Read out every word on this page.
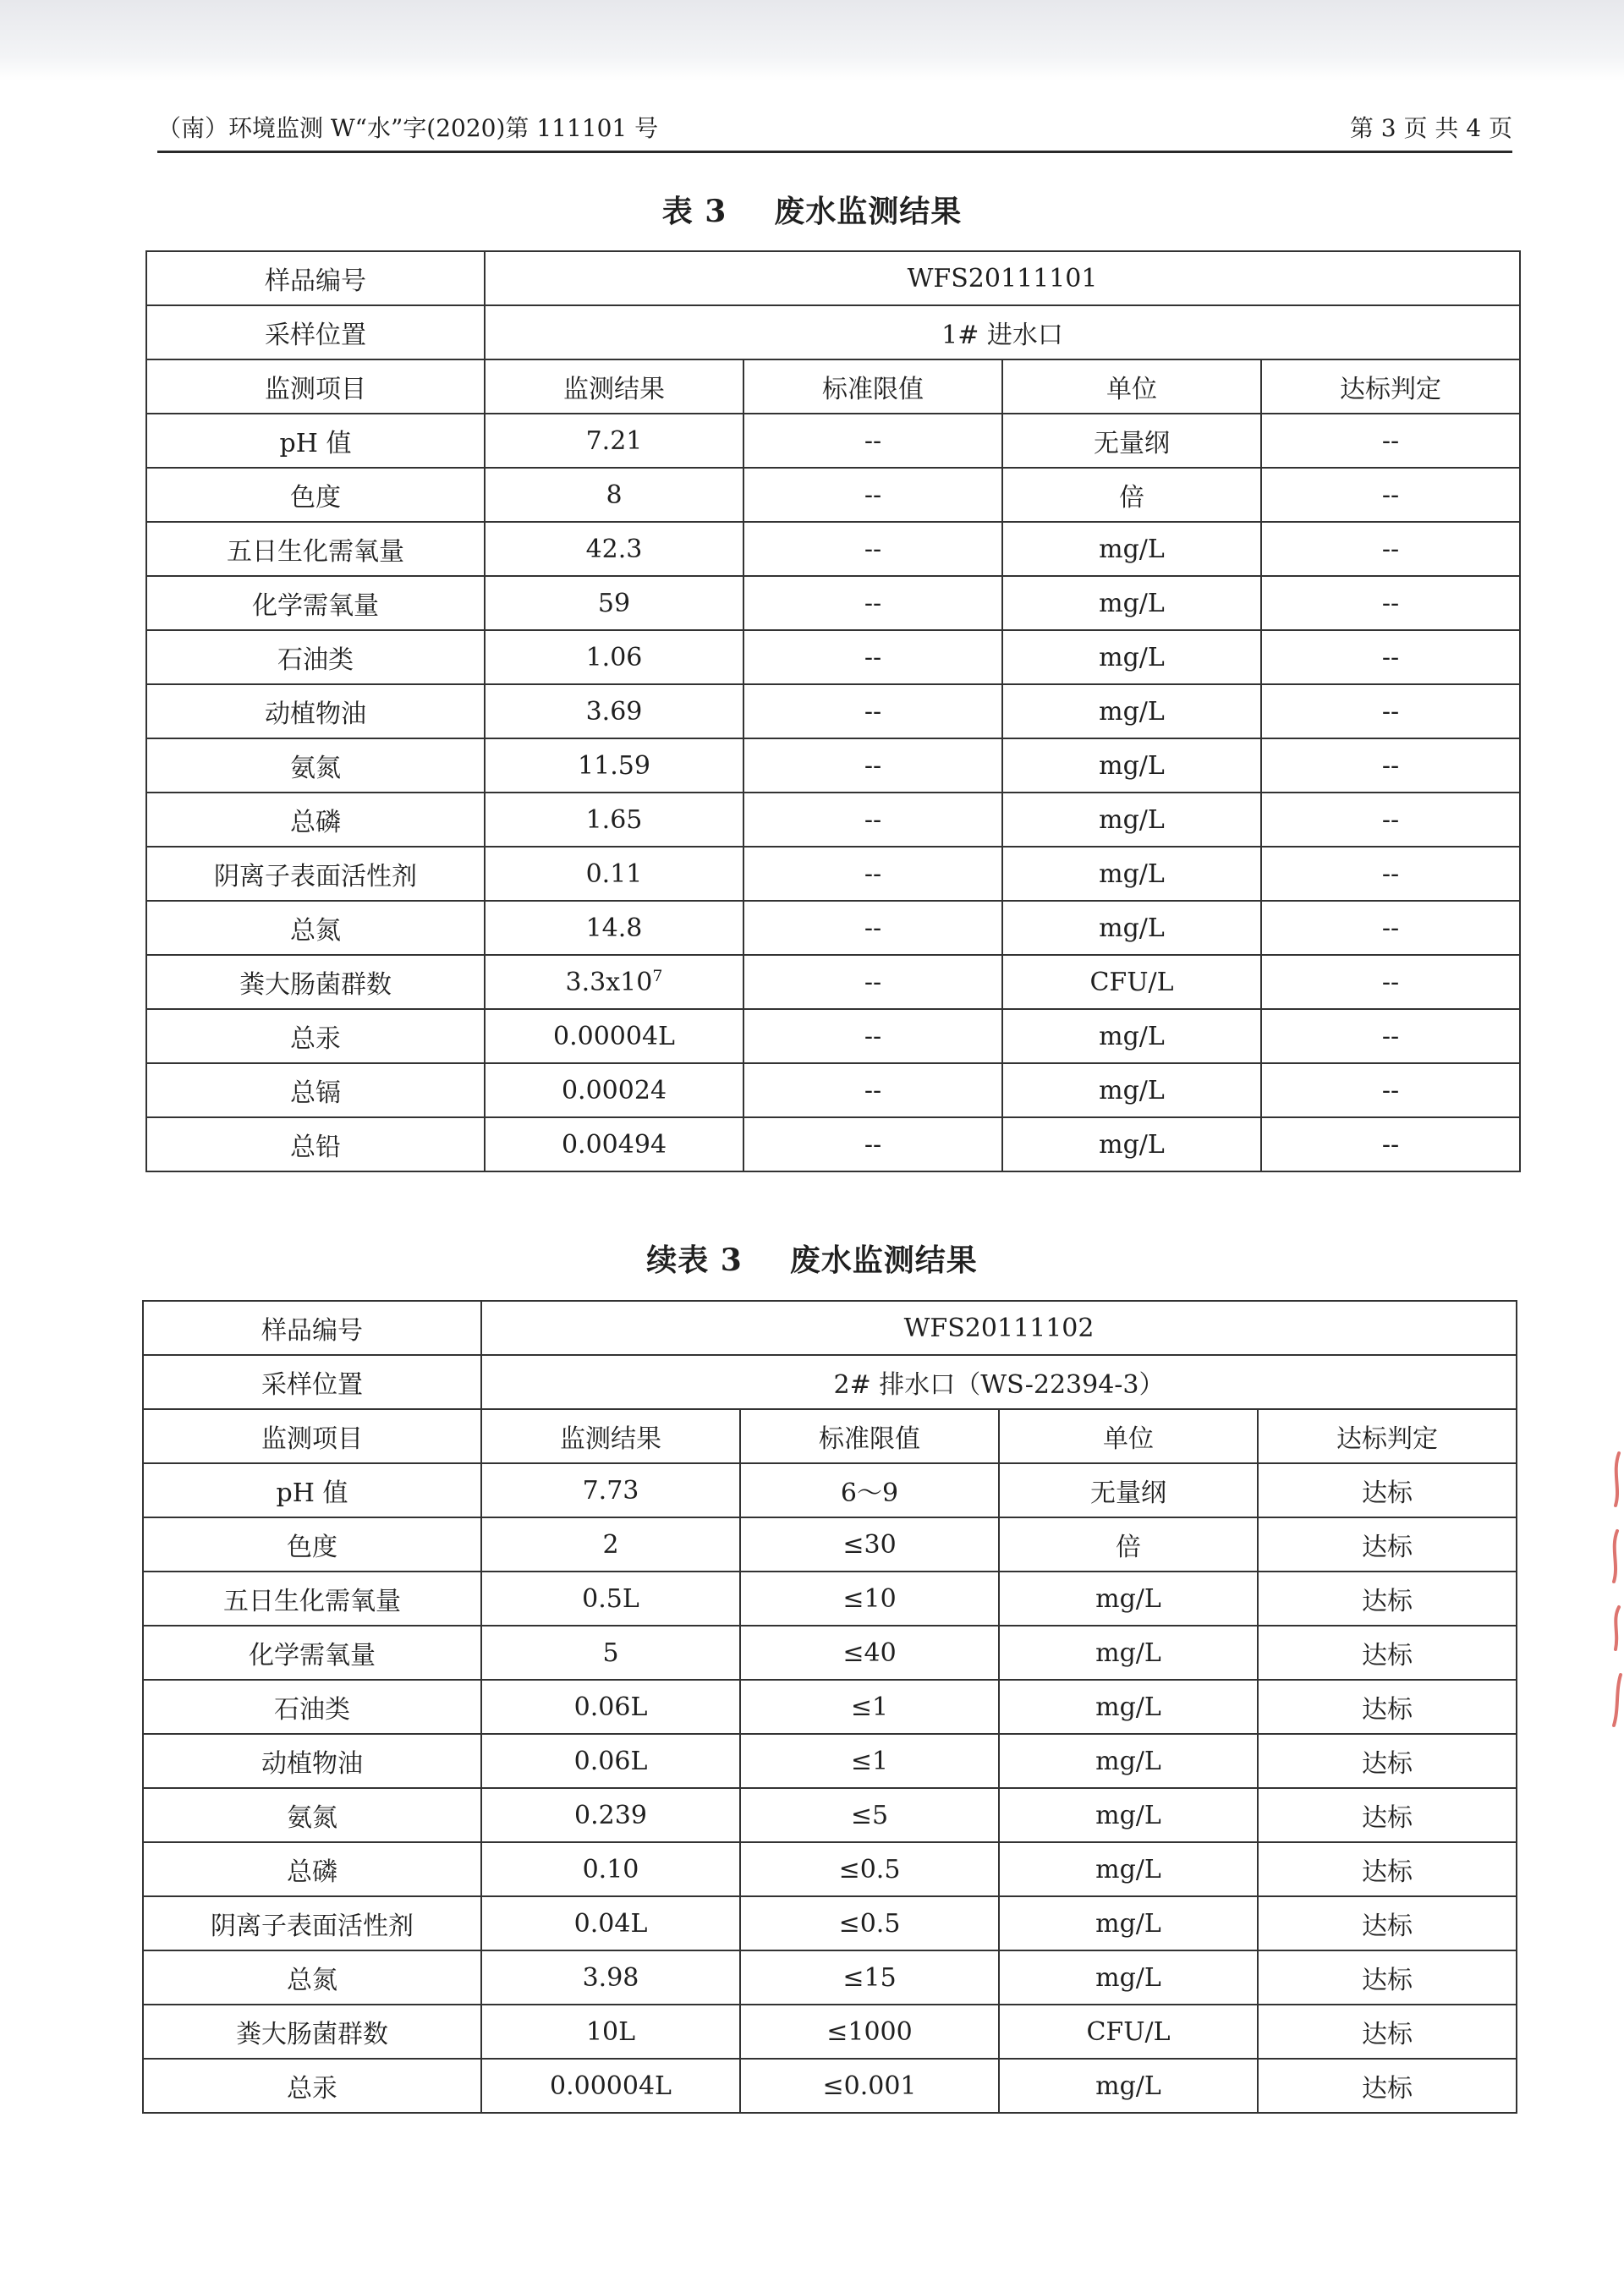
（南）环境监测 W“水”字(2020)第 111101 号	第 3 页 共 4 页
表 3 废水监测结果
样品编号	WFS20111101			
采样位置	1# 进水口			
监测项目	监测结果	标准限值	单位	达标判定
pH 值	7.21	--	无量纲	--
色度	8	--	倍	--
五日生化需氧量	42.3	--	mg/L	--
化学需氧量	59	--	mg/L	--
石油类	1.06	--	mg/L	--
动植物油	3.69	--	mg/L	--
氨氮	11.59	--	mg/L	--
总磷	1.65	--	mg/L	--
阴离子表面活性剂	0.11	--	mg/L	--
总氮	14.8	--	mg/L	--
粪大肠菌群数	$3.3x10^7$	--	CFU/L	--
总汞	0.00004L	--	mg/L	--
总镉	0.00024	--	mg/L	--
总铅	0.00494	--	mg/L	--
续表 3 废水监测结果
样品编号	WFS20111102			
采样位置	2# 排水口（WS-22394-3）			
监测项目	监测结果	标准限值	单位	达标判定
pH 值	7.73	6～9	无量纲	达标
色度	2	≤30	倍	达标
五日生化需氧量	0.5L	≤10	mg/L	达标
化学需氧量	5	≤40	mg/L	达标
石油类	0.06L	≤1	mg/L	达标
动植物油	0.06L	≤1	mg/L	达标
氨氮	0.239	≤5	mg/L	达标
总磷	0.10	≤0.5	mg/L	达标
阴离子表面活性剂	0.04L	≤0.5	mg/L	达标
总氮	3.98	≤15	mg/L	达标
粪大肠菌群数	10L	≤1000	CFU/L	达标
总汞	0.00004L	≤0.001	mg/L	达标
